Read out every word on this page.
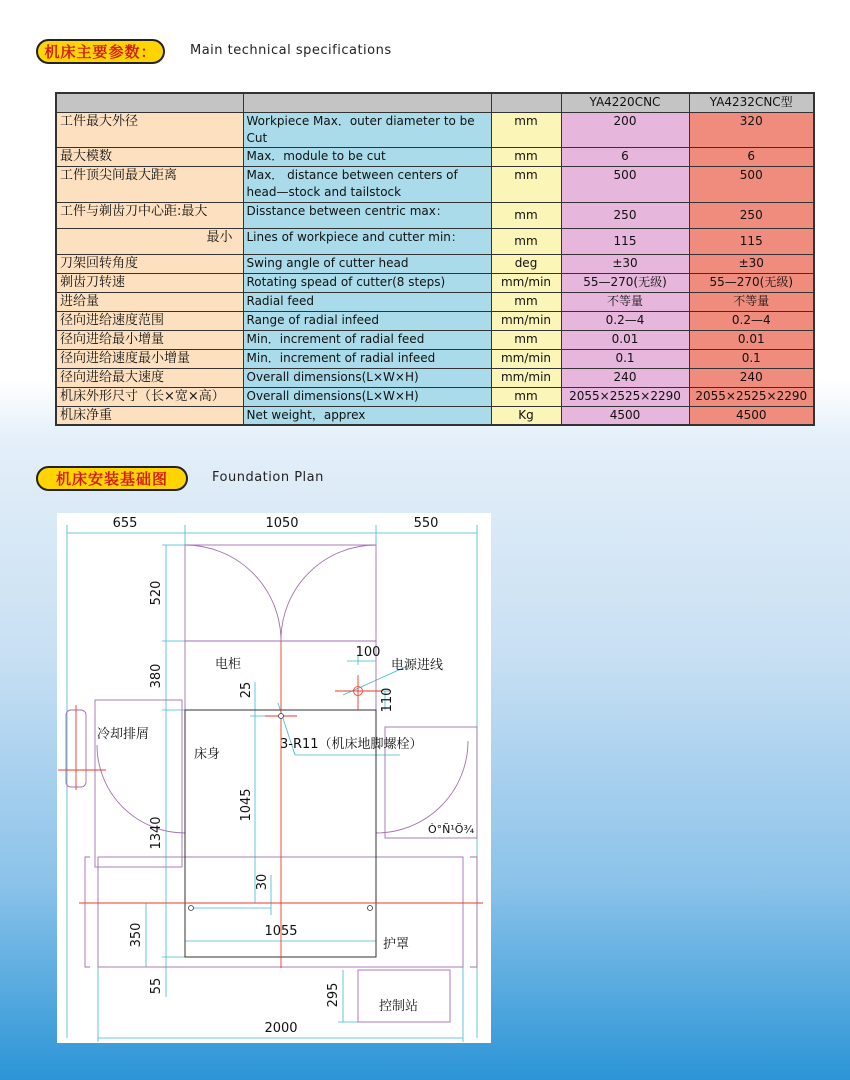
机床主要参数：	Main technical specifications
			YA4220CNC	YA4232CNC型
工件最大外径	Workpiece Max．outer diameter to be Cut	mm	200	320
最大模数	Max．module to be cut	mm	6	6
工件顶尖间最大距离	Max． distance between centers of head—stock and tailstock	mm	500	500
工件与剃齿刀中心距:最大	Disstance between centric max：	mm	250	250
最小	Lines of workpiece and cutter min：	mm	115	115
刀架回转角度	Swing angle of cutter head	deg	±30	±30
剃齿刀转速	Rotating spead of cutter(8 steps)	mm/min	55—270(无级)	55—270(无级)
进给量	Radial feed	mm	不等量	不等量
径向进给速度范围	Range of radial infeed	mm/min	0.2—4	0.2—4
径向进给最小增量	Min．increment of radial feed	mm	0.01	0.01
径向进给速度最小增量	Min．increment of radial infeed	mm/min	0.1	0.1
径向进给最大速度	Overall dimensions(L×W×H)	mm/min	240	240
机床外形尺寸（长×宽×高）	Overall dimensions(L×W×H)	mm	2055×2525×2290	2055×2525×2290
机床净重	Net weight，apprex	Kg	4500	4500
机床安装基础图	Foundation Plan
655	1050	550
520
380
1340
55
350
1045
25
30
1055
100
110
295
2000
电柜	电源进线
冷却排屑
床身
3-R11（机床地脚螺栓）
护罩
控制站
Ò°Ñ¹Ö¾
